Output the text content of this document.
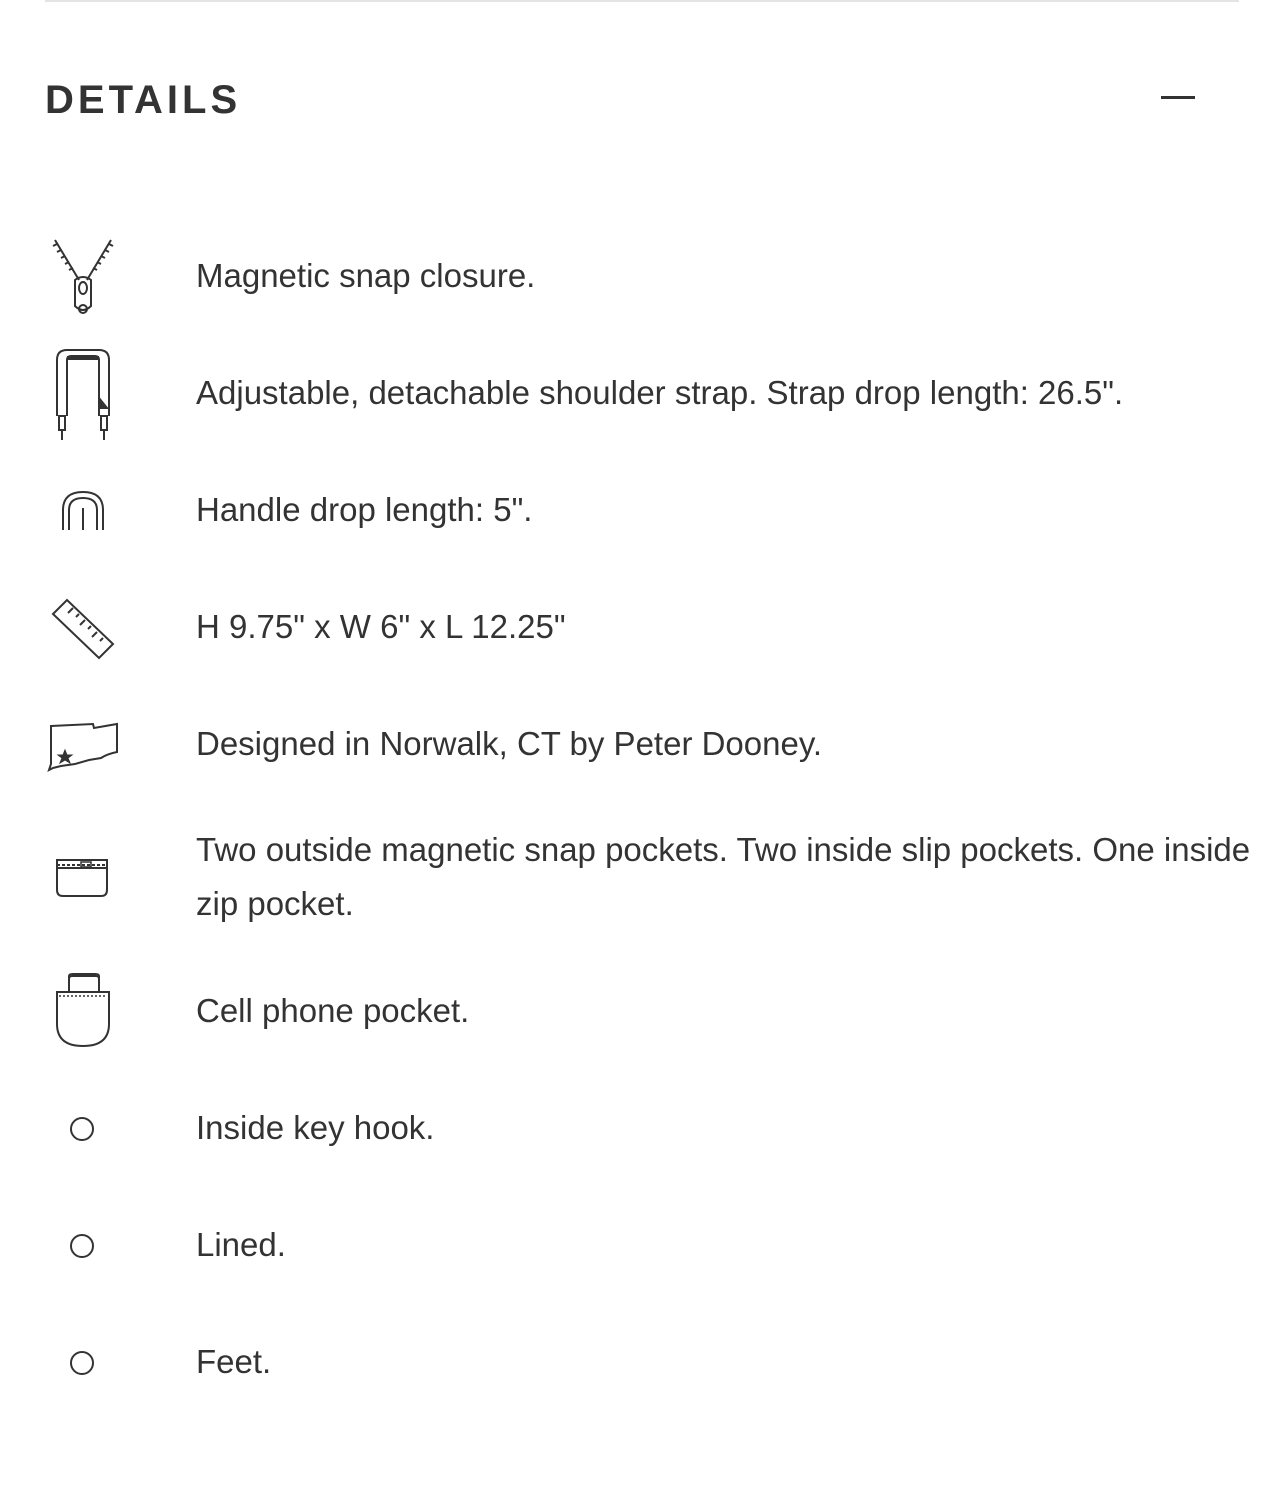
DETAILS
Magnetic snap closure.
Adjustable, detachable shoulder strap. Strap drop length: 26.5".
Handle drop length: 5".
H 9.75" x W 6" x L 12.25"
Designed in Norwalk, CT by Peter Dooney.
Two outside magnetic snap pockets. Two inside slip pockets. One inside zip pocket.
Cell phone pocket.
Inside key hook.
Lined.
Feet.
